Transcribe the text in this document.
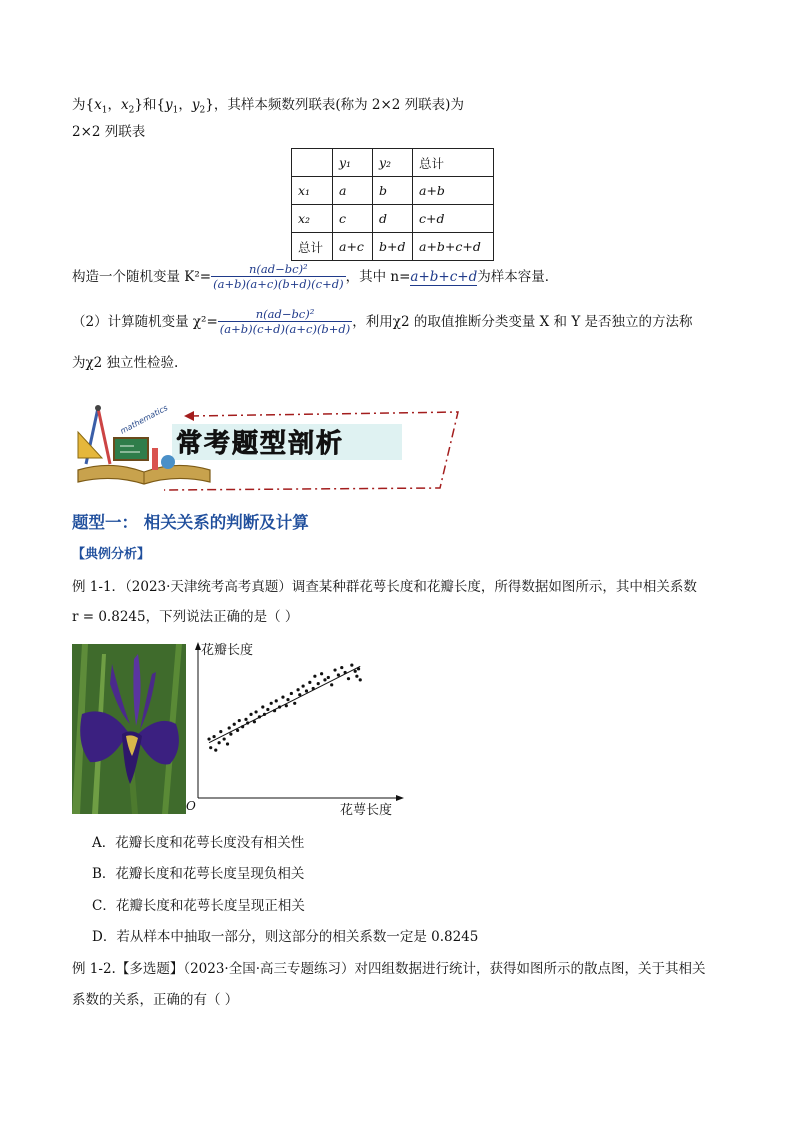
为{$x_1$，$x_2$}和{$y_1$，$y_2$}，其样本频数列联表(称为 2×2 列联表)为
2×2 列联表
	y₁	y₂	总计
x₁	a	b	a+b
x₂	c	d	c+d
总计	a+c	b+d	a+b+c+d
构造一个随机变量 $K^2= \frac{\text{n(ad−bc)²}}{(a+b)(a+c)(b+d)(c+d)}$ ，其中 n=a+b+c+d为样本容量．
（2）计算随机变量 $\chi^2= \frac{\text{n(ad−bc)²}}{(a+b)(c+d)(a+c)(b+d)}$ ，利用χ2 的取值推断分类变量 X 和 Y 是否独立的方法称
为χ2 独立性检验.
mathematics
常考题型剖析
题型一： 相关关系的判断及计算
【典例分析】
例 1-1．（2023·天津统考高考真题）调查某种群花萼长度和花瓣长度，所得数据如图所示，其中相关系数
r = 0.8245，下列说法正确的是（ ）
花瓣长度
花萼长度
O
A．花瓣长度和花萼长度没有相关性
B．花瓣长度和花萼长度呈现负相关
C．花瓣长度和花萼长度呈现正相关
D．若从样本中抽取一部分，则这部分的相关系数一定是 0.8245
例 1-2.【多选题】（2023·全国·高三专题练习）对四组数据进行统计，获得如图所示的散点图，关于其相关
系数的关系，正确的有（ ）
